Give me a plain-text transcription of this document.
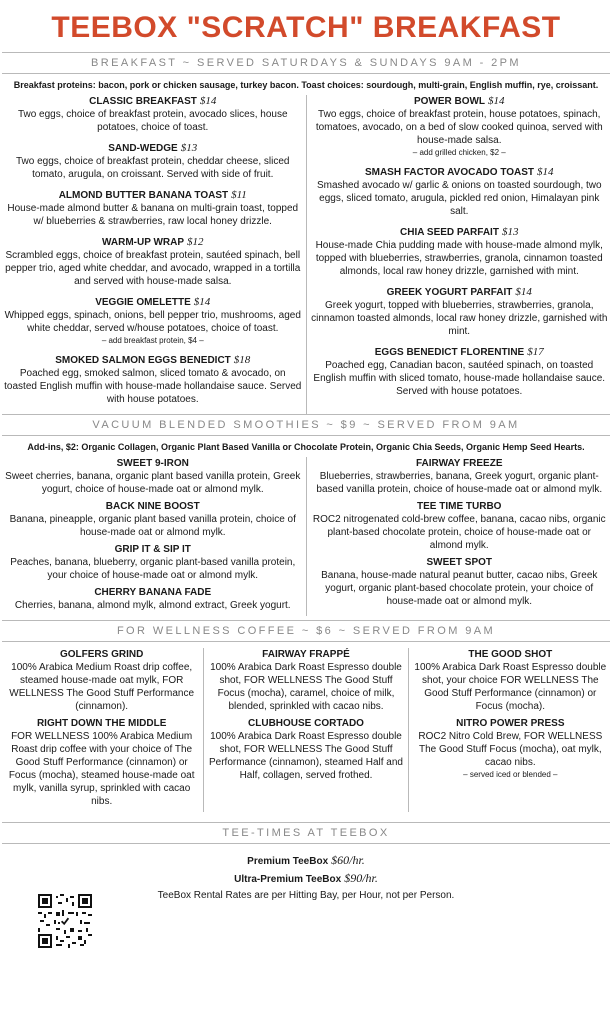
TEEBOX "SCRATCH" BREAKFAST
BREAKFAST ~ SERVED SATURDAYS & SUNDAYS 9AM - 2PM
Breakfast proteins: bacon, pork or chicken sausage, turkey bacon. Toast choices: sourdough, multi-grain, English muffin, rye, croissant.
CLASSIC BREAKFAST $14
Two eggs, choice of breakfast protein, avocado slices, house potatoes, choice of toast.
SAND-WEDGE $13
Two eggs, choice of breakfast protein, cheddar cheese, sliced tomato, arugula, on croissant. Served with side of fruit.
ALMOND BUTTER BANANA TOAST $11
House-made almond butter & banana on multi-grain toast, topped w/ blueberries & strawberries, raw local honey drizzle.
WARM-UP WRAP $12
Scrambled eggs, choice of breakfast protein, sautéed spinach, bell pepper trio, aged white cheddar, and avocado, wrapped in a tortilla and served with house-made salsa.
VEGGIE OMELETTE $14
Whipped eggs, spinach, onions, bell pepper trio, mushrooms, aged white cheddar, served w/house potatoes, choice of toast.
– add breakfast protein, $4 –
SMOKED SALMON EGGS BENEDICT $18
Poached egg, smoked salmon, sliced tomato & avocado, on toasted English muffin with house-made hollandaise sauce. Served with house potatoes.
POWER BOWL $14
Two eggs, choice of breakfast protein, house potatoes, spinach, tomatoes, avocado, on a bed of slow cooked quinoa, served with house-made salsa.
– add grilled chicken, $2 –
SMASH FACTOR AVOCADO TOAST $14
Smashed avocado w/ garlic & onions on toasted sourdough, two eggs, sliced tomato, arugula, pickled red onion, Himalayan pink salt.
CHIA SEED PARFAIT $13
House-made Chia pudding made with house-made almond mylk, topped with blueberries, strawberries, granola, cinnamon toasted almonds, local raw honey drizzle, garnished with mint.
GREEK YOGURT PARFAIT $14
Greek yogurt, topped with blueberries, strawberries, granola, cinnamon toasted almonds, local raw honey drizzle, garnished with mint.
EGGS BENEDICT FLORENTINE $17
Poached egg, Canadian bacon, sautéed spinach, on toasted English muffin with sliced tomato, house-made hollandaise sauce. Served with house potatoes.
VACUUM BLENDED SMOOTHIES ~ $9 ~ SERVED FROM 9AM
Add-ins, $2: Organic Collagen, Organic Plant Based Vanilla or Chocolate Protein, Organic Chia Seeds, Organic Hemp Seed Hearts.
SWEET 9-IRON
Sweet cherries, banana, organic plant based vanilla protein, Greek yogurt, choice of house-made oat or almond mylk.
BACK NINE BOOST
Banana, pineapple, organic plant based vanilla protein, choice of house-made oat or almond mylk.
GRIP IT & SIP IT
Peaches, banana, blueberry, organic plant-based vanilla protein, your choice of house-made oat or almond mylk.
CHERRY BANANA FADE
Cherries, banana, almond mylk, almond extract, Greek yogurt.
FAIRWAY FREEZE
Blueberries, strawberries, banana, Greek yogurt, organic plant-based vanilla protein, choice of house-made oat or almond mylk.
TEE TIME TURBO
ROC2 nitrogenated cold-brew coffee, banana, cacao nibs, organic plant-based chocolate protein, choice of house-made oat or almond mylk.
SWEET SPOT
Banana, house-made natural peanut butter, cacao nibs, Greek yogurt, organic plant-based chocolate protein, your choice of house-made oat or almond mylk.
FOR WELLNESS COFFEE ~ $6 ~ SERVED FROM 9AM
GOLFERS GRIND
100% Arabica Medium Roast drip coffee, steamed house-made oat mylk, FOR WELLNESS The Good Stuff Performance (cinnamon).
RIGHT DOWN THE MIDDLE
FOR WELLNESS 100% Arabica Medium Roast drip coffee with your choice of The Good Stuff Performance (cinnamon) or Focus (mocha), steamed house-made oat mylk, vanilla syrup, sprinkled with cacao nibs.
FAIRWAY FRAPPÉ
100% Arabica Dark Roast Espresso double shot, FOR WELLNESS The Good Stuff Focus (mocha), caramel, choice of milk, blended, sprinkled with cacao nibs.
CLUBHOUSE CORTADO
100% Arabica Dark Roast Espresso double shot, FOR WELLNESS The Good Stuff Performance (cinnamon), steamed Half and Half, collagen, served frothed.
THE GOOD SHOT
100% Arabica Dark Roast Espresso double shot, your choice FOR WELLNESS The Good Stuff Performance (cinnamon) or Focus (mocha).
NITRO POWER PRESS
ROC2 Nitro Cold Brew, FOR WELLNESS The Good Stuff Focus (mocha), oat mylk, cacao nibs.
– served iced or blended –
TEE-TIMES AT TEEBOX
Premium TeeBox $60/hr.
Ultra-Premium TeeBox $90/hr.
TeeBox Rental Rates are per Hitting Bay, per Hour, not per Person.
